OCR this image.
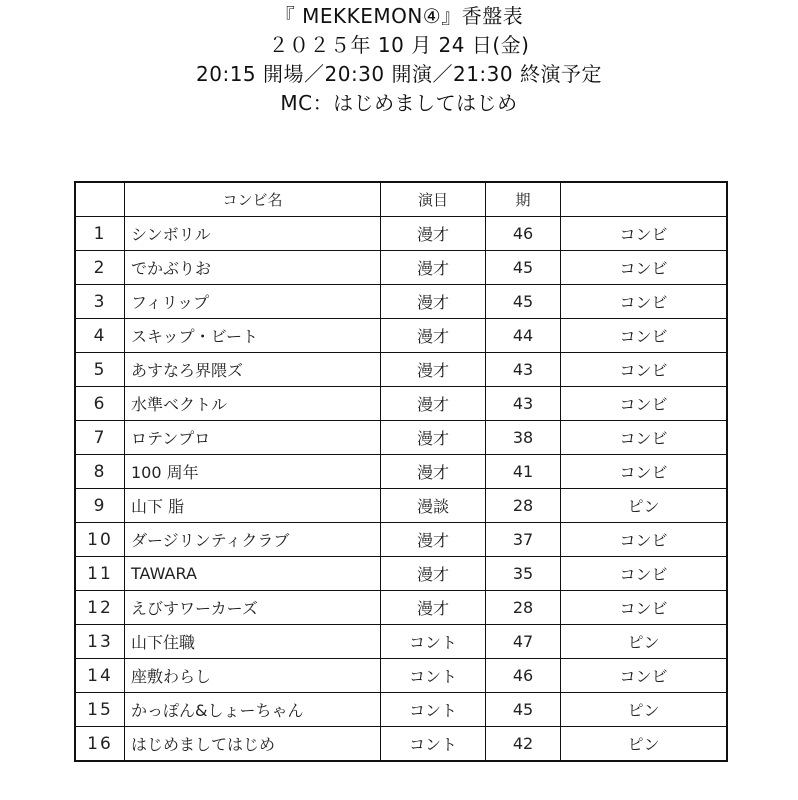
『 MEKKEMON④』香盤表
２０２５年 10 月 24 日(金)
20:15 開場／20:30 開演／21:30 終演予定
MC：はじめましてはじめ
	コンビ名	演目	期	
1	シンボリル	漫才	46	コンビ
2	でかぶりお	漫才	45	コンビ
3	フィリップ	漫才	45	コンビ
4	スキップ・ビート	漫才	44	コンビ
5	あすなろ界隈ズ	漫才	43	コンビ
6	水準ベクトル	漫才	43	コンビ
7	ロテンプロ	漫才	38	コンビ
8	100 周年	漫才	41	コンビ
9	山下 脂	漫談	28	ピン
10	ダージリンティクラブ	漫才	37	コンビ
11	TAWARA	漫才	35	コンビ
12	えびすワーカーズ	漫才	28	コンビ
13	山下住職	コント	47	ピン
14	座敷わらし	コント	46	コンビ
15	かっぽん&しょーちゃん	コント	45	ピン
16	はじめましてはじめ	コント	42	ピン
